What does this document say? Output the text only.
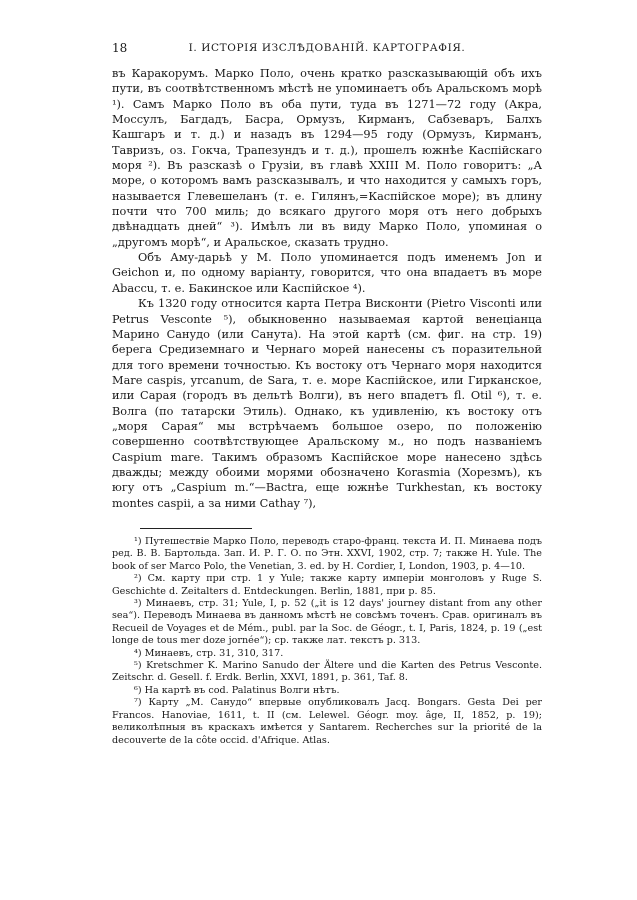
18	I. ИСТОРІЯ ИЗСЛѢДОВАНІЙ. КАРТОГРАФІЯ.

въ Каракорумъ. Марко Поло, очень кратко разсказывающій объ ихъ пути, въ соотвѣтственномъ мѣстѣ не упоминаетъ объ Аральскомъ морѣ ¹). Самъ Марко Поло въ оба пути, туда въ 1271—72 году (Акра, Моссулъ, Багдадъ, Басра, Ормузъ, Кирманъ, Сабзеваръ, Балхъ Кашгаръ и т. д.) и назадъ въ 1294—95 году (Ормузъ, Кирманъ, Тавризъ, оз. Гокча, Трапезундъ и т. д.), прошелъ южнѣе Каспійскаго моря ²). Въ разсказѣ о Грузіи, въ главѣ XXIII М. Поло говоритъ: „А море, о которомъ вамъ разсказывалъ, и что находится у самыхъ горъ, называется Глевешеланъ (т. е. Гилянъ,=Каспійское море); въ длину почти что 700 миль; до всякаго другого моря отъ него добрыхъ двѣнадцать дней“ ³). Имѣлъ ли въ виду Марко Поло, упоминая о „другомъ морѣ“, и Аральское, сказать трудно.

Объ Аму-дарьѣ у М. Поло упоминается подъ именемъ Jon и Geichon и, по одному варіанту, говорится, что она впадаетъ въ море Abaccu, т. е. Бакинское или Каспійское ⁴).

Къ 1320 году относится карта Петра Висконти (Pietro Visconti или Petrus Vesconte ⁵), обыкновенно называемая картой венеціанца Марино Санудо (или Санута). На этой картѣ (см. фиг. на стр. 19) берега Средиземнаго и Чернаго морей нанесены съ поразительной для того времени точностью. Къ востоку отъ Чернаго моря находится Mare caspis, yrcanum, de Sara, т. е. море Каспійское, или Гирканское, или Сарая (городъ въ дельтѣ Волги), въ него впадетъ fl. Otil ⁶), т. е. Волга (по татарски Этиль). Однако, къ удивленію, къ востоку отъ „моря Сарая“ мы встрѣчаемъ большое озеро, по положенію совершенно соотвѣтствующее Аральскому м., но подъ названіемъ Caspium mare. Такимъ образомъ Каспійское море нанесено здѣсь дважды; между обоими морями обозначено Korasmia (Хорезмъ), къ югу отъ „Caspium m.“—Bactra, еще южнѣе Turkhestan, къ востоку montes caspii, а за ними Cathay ⁷),

¹) Путешествіе Марко Поло, переводъ старо-франц. текста И. П. Минаева подъ ред. В. В. Бартольда. Зап. И. Р. Г. О. по Этн. XXVI, 1902, стр. 7; также H. Yule. The book of ser Marco Polo, the Venetian, 3. ed. by H. Cordier, I, London, 1903, p. 4—10.

²) См. карту при стр. 1 у Yule; также карту имперіи монголовъ у Ruge S. Geschichte d. Zeitalters d. Entdeckungen. Berlin, 1881, при р. 85.

³) Минаевъ, стр. 31; Yule, I, p. 52 („it is 12 days' journey distant from any other sea“). Переводъ Минаева въ данномъ мѣстѣ не совсѣмъ точенъ. Срав. оригиналъ въ Recueil de Voyages et de Mém., publ. par la Soc. de Géogr., t. I, Paris, 1824, p. 19 („est longe de tous mer doze jornée“); ср. также лат. текстъ р. 313.

⁴) Минаевъ, стр. 31, 310, 317.

⁵) Kretschmer K. Marino Sanudo der Ältere und die Karten des Petrus Vesconte. Zeitschr. d. Gesell. f. Erdk. Berlin, XXVI, 1891, p. 361, Taf. 8.

⁶) На картѣ въ cod. Palatinus Волги нѣтъ.

⁷) Карту „М. Санудо“ впервые опубликовалъ Jacq. Bongars. Gesta Dei per Francos. Hanoviae, 1611, t. II (см. Lelewel. Géogr. moy. âge, II, 1852, p. 19); великолѣпныя въ краскахъ имѣется у Santarem. Recherches sur la priorité de la decouverte de la côte occid. d'Afrique. Atlas.
